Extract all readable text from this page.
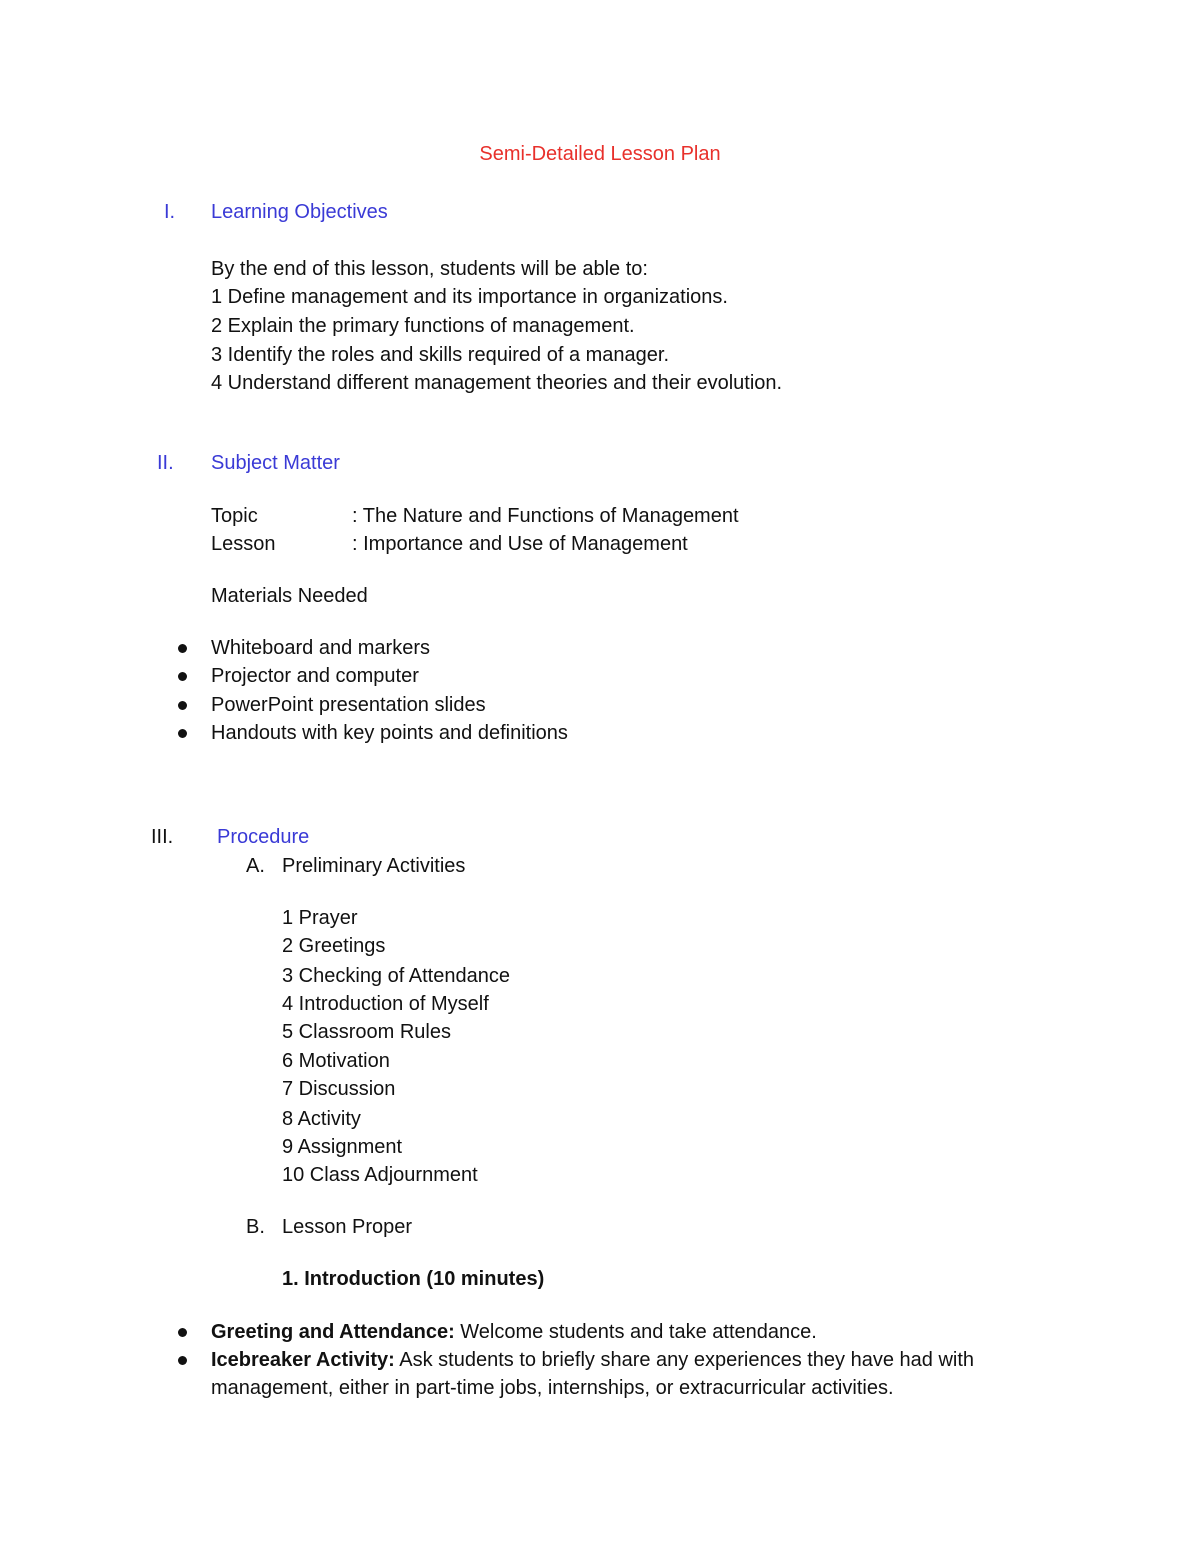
Semi-Detailed Lesson Plan
I. Learning Objectives
By the end of this lesson, students will be able to:
1 Define management and its importance in organizations.
2 Explain the primary functions of management.
3 Identify the roles and skills required of a manager.
4 Understand different management theories and their evolution.
II. Subject Matter
Topic	: The Nature and Functions of Management
Lesson	: Importance and Use of Management
Materials Needed
Whiteboard and markers
Projector and computer
PowerPoint presentation slides
Handouts with key points and definitions
III. Procedure
A. Preliminary Activities
1 Prayer
2 Greetings
3 Checking of Attendance
4 Introduction of Myself
5 Classroom Rules
6 Motivation
7 Discussion
8 Activity
9 Assignment
10 Class Adjournment
B. Lesson Proper
1. Introduction (10 minutes)
Greeting and Attendance: Welcome students and take attendance.
Icebreaker Activity: Ask students to briefly share any experiences they have had with
management, either in part-time jobs, internships, or extracurricular activities.
